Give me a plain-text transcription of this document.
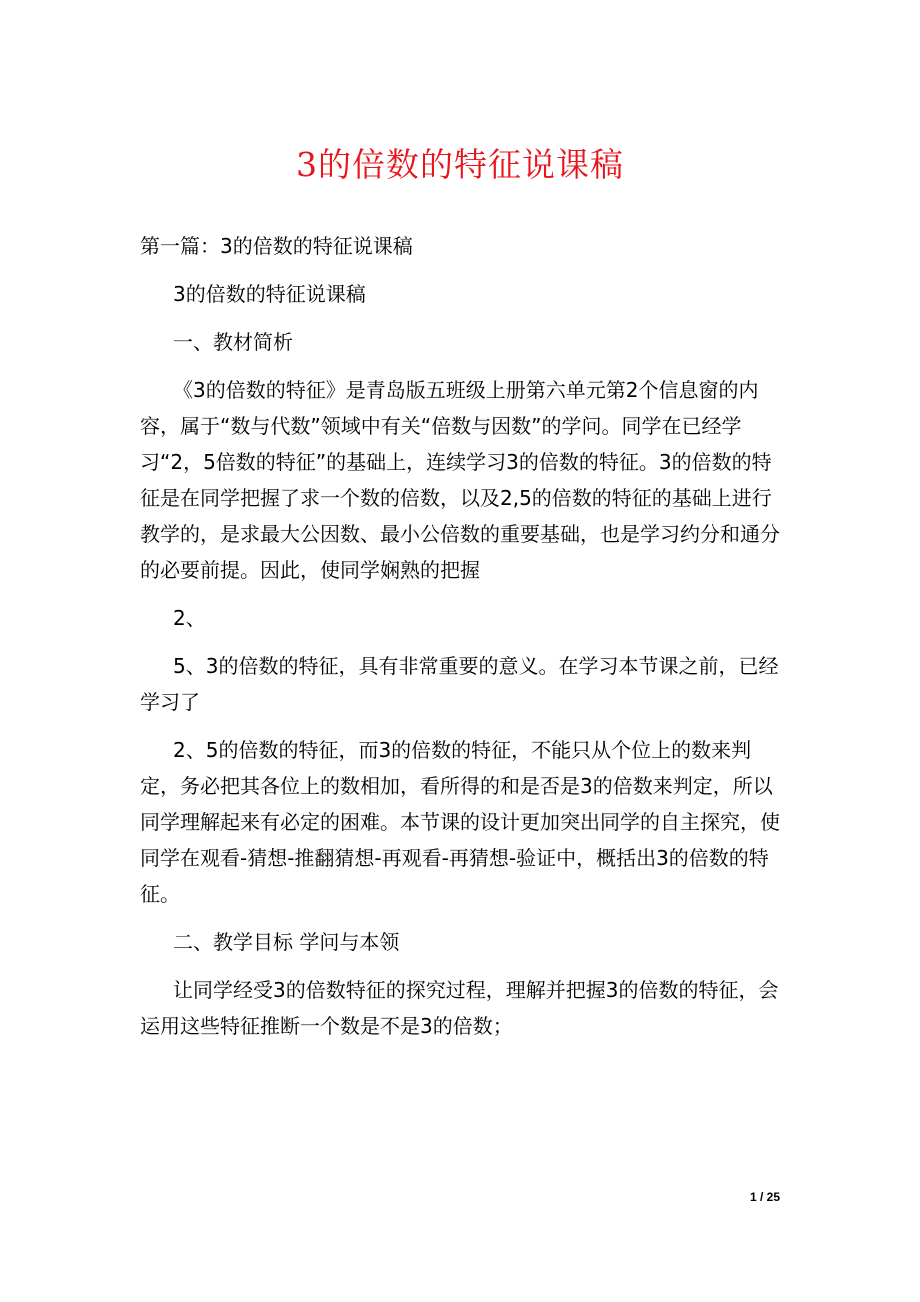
3的倍数的特征说课稿

第一篇：3的倍数的特征说课稿

3的倍数的特征说课稿

一、教材简析

《3的倍数的特征》是青岛版五班级上册第六单元第2个信息窗的内容，属于“数与代数”领域中有关“倍数与因数”的学问。同学在已经学习“2，5倍数的特征”的基础上，连续学习3的倍数的特征。3的倍数的特征是在同学把握了求一个数的倍数，以及2,5的倍数的特征的基础上进行教学的，是求最大公因数、最小公倍数的重要基础，也是学习约分和通分的必要前提。因此，使同学娴熟的把握

2、

5、3的倍数的特征，具有非常重要的意义。在学习本节课之前，已经学习了

2、5的倍数的特征，而3的倍数的特征，不能只从个位上的数来判定，务必把其各位上的数相加，看所得的和是否是3的倍数来判定，所以同学理解起来有必定的困难。本节课的设计更加突出同学的自主探究，使同学在观看-猜想-推翻猜想-再观看-再猜想-验证中，概括出3的倍数的特征。

二、教学目标 学问与本领

让同学经受3的倍数特征的探究过程，理解并把握3的倍数的特征，会运用这些特征推断一个数是不是3的倍数；

1 / 25
